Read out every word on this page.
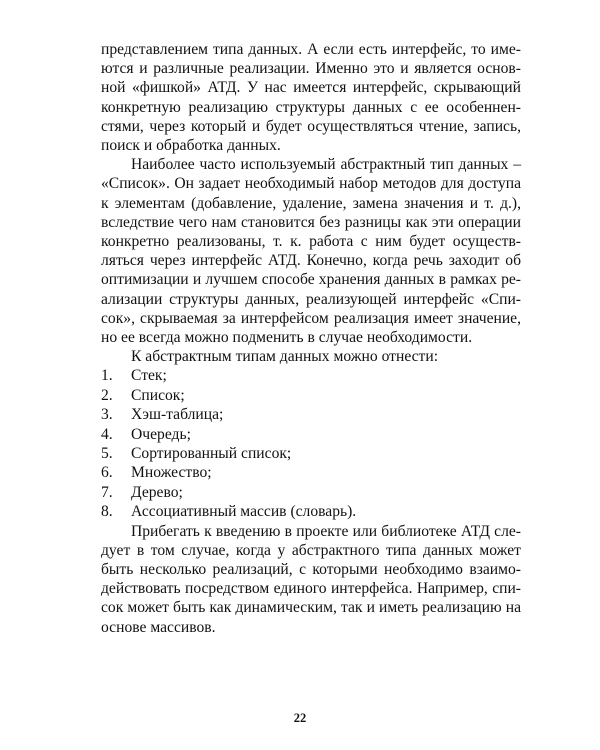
представлением типа данных. А если есть интерфейс, то име-
ются и различные реализации. Именно это и является основ-
ной «фишкой» АТД. У нас имеется интерфейс, скрывающий
конкретную реализацию структуры данных с ее особеннен-
стями, через который и будет осуществляться чтение, запись,
поиск и обработка данных.
Наиболее часто используемый абстрактный тип данных –
«Список». Он задает необходимый набор методов для доступа
к элементам (добавление, удаление, замена значения и т. д.),
вследствие чего нам становится без разницы как эти операции
конкретно реализованы, т. к. работа с ним будет осуществ-
ляться через интерфейс АТД. Конечно, когда речь заходит об
оптимизации и лучшем способе хранения данных в рамках ре-
ализации структуры данных, реализующей интерфейс «Спи-
сок», скрываемая за интерфейсом реализация имеет значение,
но ее всегда можно подменить в случае необходимости.
К абстрактным типам данных можно отнести:
1. Стек;
2. Список;
3. Хэш-таблица;
4. Очередь;
5. Сортированный список;
6. Множество;
7. Дерево;
8. Ассоциативный массив (словарь).
Прибегать к введению в проекте или библиотеке АТД сле-
дует в том случае, когда у абстрактного типа данных может
быть несколько реализаций, с которыми необходимо взаимо-
действовать посредством единого интерфейса. Например, спи-
сок может быть как динамическим, так и иметь реализацию на
основе массивов.
22
